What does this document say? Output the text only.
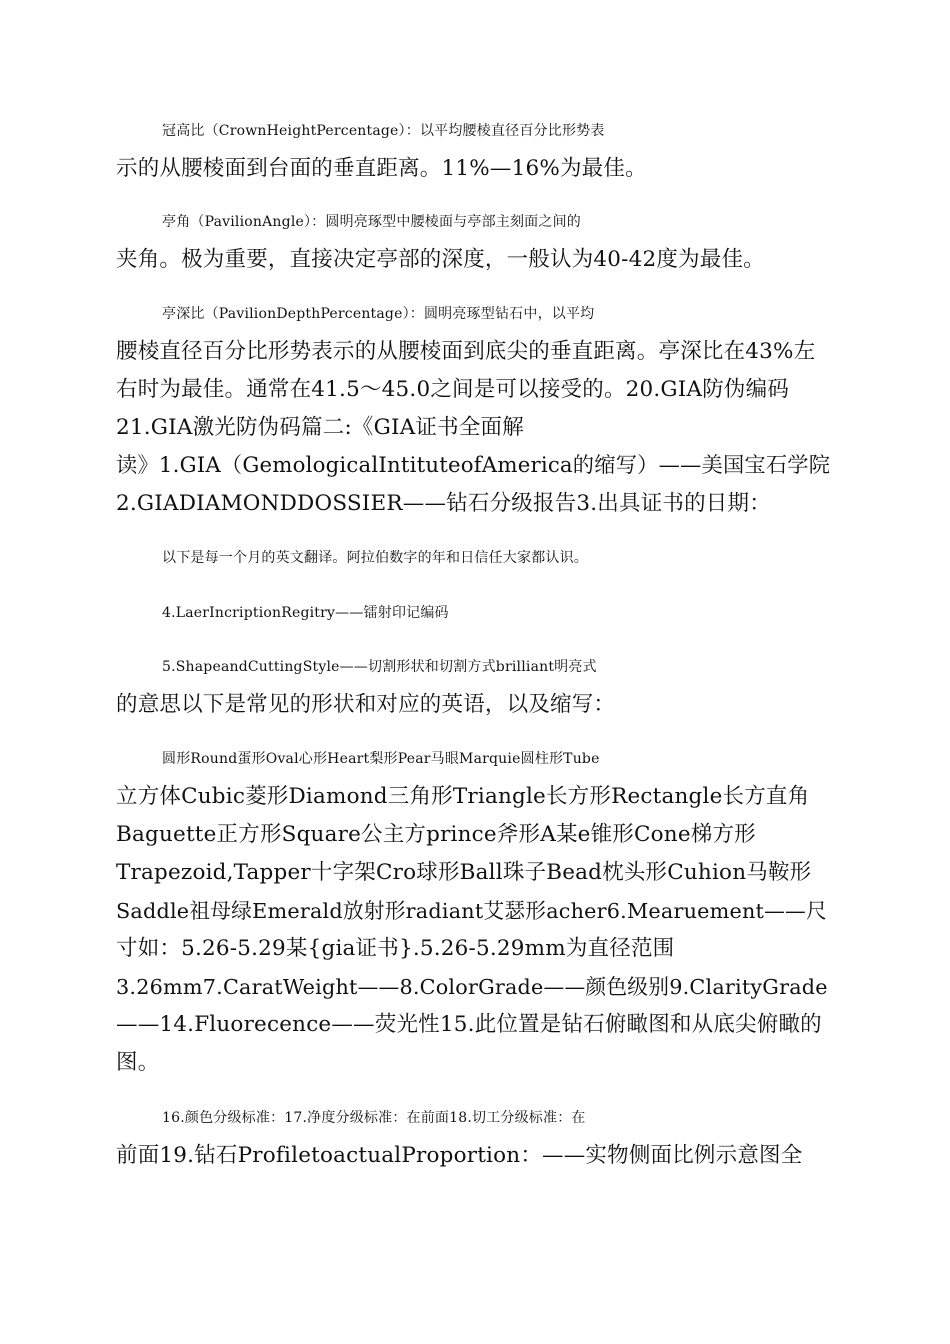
冠高比（CrownHeightPercentage）：以平均腰棱直径百分比形势表
示的从腰棱面到台面的垂直距离。11%—16%为最佳。

亭角（PavilionAngle）：圆明亮琢型中腰棱面与亭部主刻面之间的
夹角。极为重要，直接决定亭部的深度，一般认为40-42度为最佳。

亭深比（PavilionDepthPercentage）：圆明亮琢型钻石中，以平均
腰棱直径百分比形势表示的从腰棱面到底尖的垂直距离。亭深比在43%左
右时为最佳。通常在41.5～45.0之间是可以接受的。20.GIA防伪编码
21.GIA激光防伪码篇二:《GIA证书全面解
读》1.GIA（GemologicalIntituteofAmerica的缩写）——美国宝石学院
2.GIADIAMONDDOSSIER——钻石分级报告3.出具证书的日期：

以下是每一个月的英文翻译。阿拉伯数字的年和日信任大家都认识。

4.LaerIncriptionRegitry——镭射印记编码

5.ShapeandCuttingStyle——切割形状和切割方式brilliant明亮式
的意思以下是常见的形状和对应的英语，以及缩写：

圆形Round蛋形Oval心形Heart梨形Pear马眼Marquie圆柱形Tube
立方体Cubic菱形Diamond三角形Triangle长方形Rectangle长方直角
Baguette正方形Square公主方prince斧形A某e锥形Cone梯方形
Trapezoid,Tapper十字架Cro球形Ball珠子Bead枕头形Cuhion马鞍形
Saddle祖母绿Emerald放射形radiant艾瑟形acher6.Mearuement——尺
寸如：5.26-5.29某{gia证书}.5.26-5.29mm为直径范围
3.26mm7.CaratWeight——8.ColorGrade——颜色级别9.ClarityGrade
——14.Fluorecence——荧光性15.此位置是钻石俯瞰图和从底尖俯瞰的
图。

16.颜色分级标准：17.净度分级标准：在前面18.切工分级标准：在
前面19.钻石ProfiletoactualProportion：——实物侧面比例示意图全
